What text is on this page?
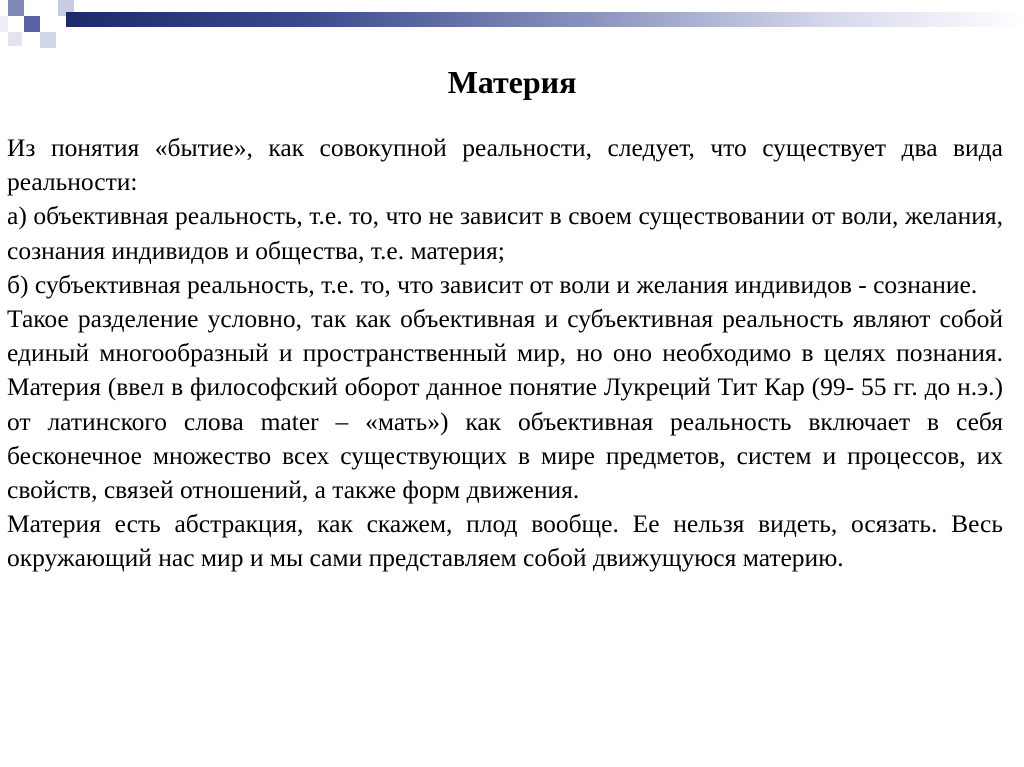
Материя

Из понятия «бытие», как совокупной реальности, следует, что существует два вида реальности:

а) объективная реальность, т.е. то, что не зависит в своем существовании от воли, желания, сознания индивидов и общества, т.е. материя;

б) субъективная реальность, т.е. то, что зависит от воли и желания индивидов - сознание.

Такое разделение условно, так как объективная и субъективная реальность являют собой единый многообразный и пространственный мир, но оно необходимо в целях познания. Материя (ввел в философский оборот данное понятие Лукреций Тит Кар (99- 55 гг. до н.э.) от латинского слова mater – «мать») как объективная реальность включает в себя бесконечное множество всех существующих в мире предметов, систем и процессов, их свойств, связей отношений, а также форм движения.

Материя есть абстракция, как скажем, плод вообще. Ее нельзя видеть, осязать. Весь окружающий нас мир и мы сами представляем собой движущуюся материю.
